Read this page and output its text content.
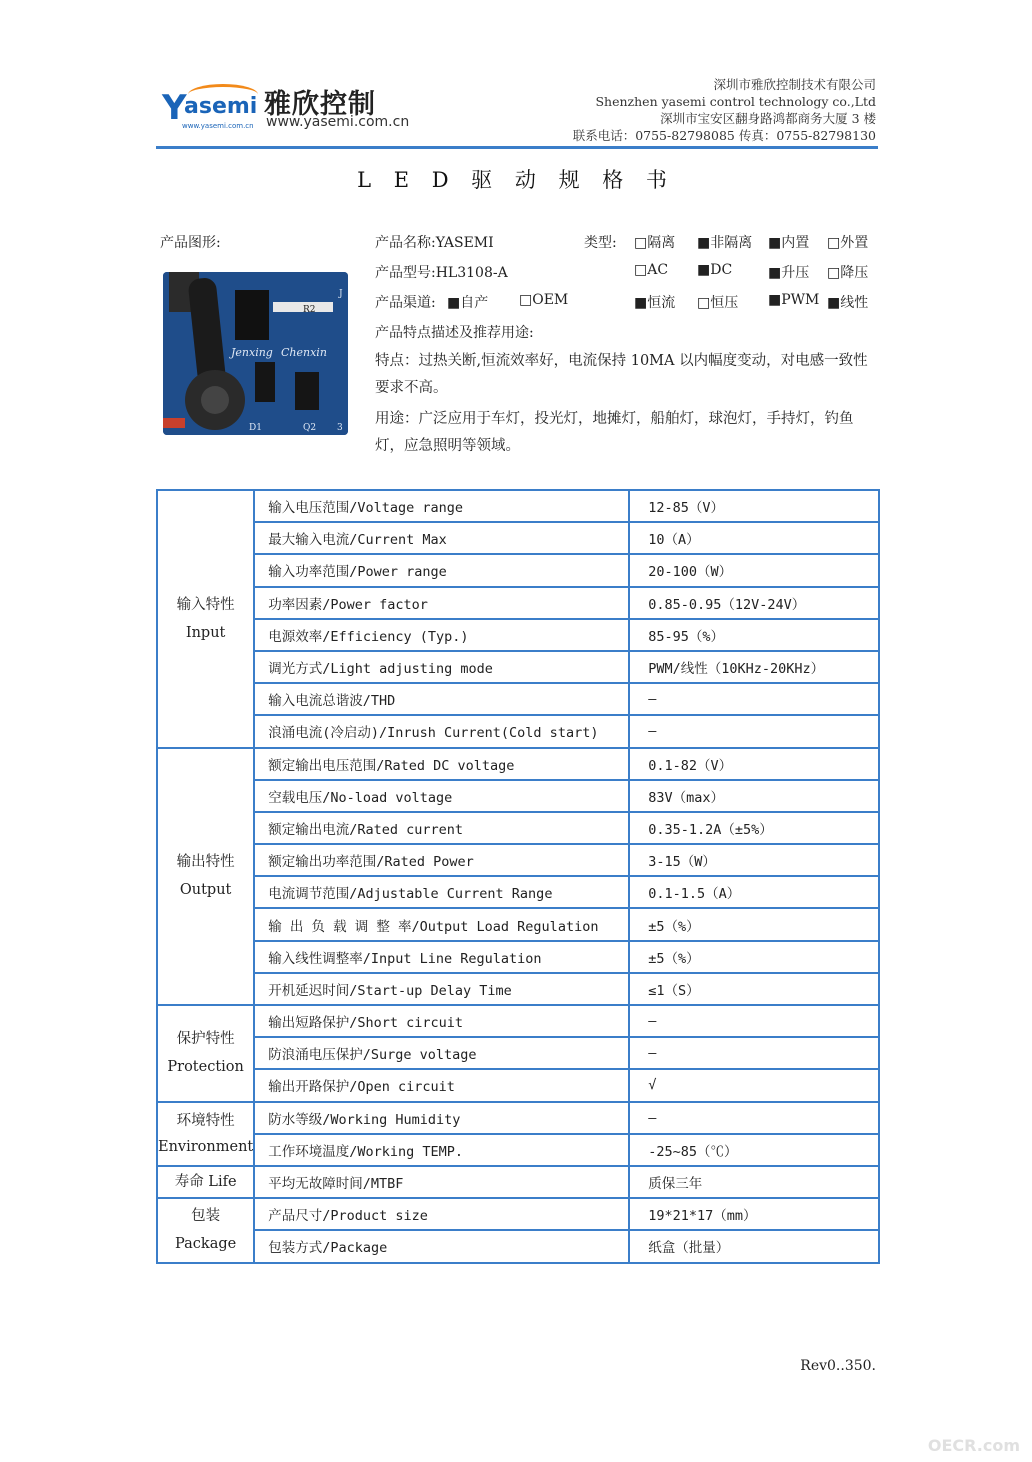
Y
asemi
www.yasemi.com.cn
雅欣控制
www.yasemi.com.cn
深圳市雅欣控制技术有限公司
Shenzhen yasemi control technology co.,Ltd
深圳市宝安区翻身路鸿都商务大厦 3 楼
联系电话：0755-82798085 传真：0755-82798130
L E D 驱 动 规 格 书
产品图形:
R2
Jenxing Chenxin
D1	Q2 3
J
产品名称:YASEMI
产品型号:HL3108-A
产品渠道: ■自产 □OEM
类型: □隔离 ■非隔离 ■内置 □外置
□AC ■DC	■升压 □降压
■恒流 □恒压 ■PWM ■线性
产品特点描述及推荐用途:
特点：过热关断,恒流效率好，电流保持 10MA 以内幅度变动，对电感一致性要求不高。
用途：广泛应用于车灯，投光灯，地摊灯，船舶灯，球泡灯，手持灯，钓鱼灯，应急照明等领域。
输入特性
Input	输入电压范围/Voltage range	12-85（V）
	最大输入电流/Current Max	10（A）
	输入功率范围/Power range	20-100（W）
	功率因素/Power factor	0.85-0.95（12V-24V）
	电源效率/Efficiency (Typ.)	85-95（%）
	调光方式/Light adjusting mode	PWM/线性（10KHz-20KHz）
	输入电流总谐波/THD	—
	浪涌电流(冷启动)/Inrush Current(Cold start)	—

输出特性
Output	额定输出电压范围/Rated DC voltage	0.1-82（V）
	空载电压/No-load voltage	83V（max）
	额定输出电流/Rated current	0.35-1.2A（±5%）
	额定输出功率范围/Rated Power	3-15（W）
	电流调节范围/Adjustable Current Range	0.1-1.5（A）
	输 出 负 载 调 整 率/Output Load Regulation	±5（%）
	输入线性调整率/Input Line Regulation	±5（%）
	开机延迟时间/Start-up Delay Time	≤1（S）

保护特性
Protection	输出短路保护/Short circuit	—
	防浪涌电压保护/Surge voltage	—
	输出开路保护/Open circuit	√

环境特性
Environment	防水等级/Working Humidity	—
	工作环境温度/Working TEMP.	-25~85（℃）
寿命 Life	平均无故障时间/MTBF	质保三年

包装
Package	产品尺寸/Product size	19*21*17（mm）
	包装方式/Package	纸盒（批量）
Rev0..350.
OECR.com
